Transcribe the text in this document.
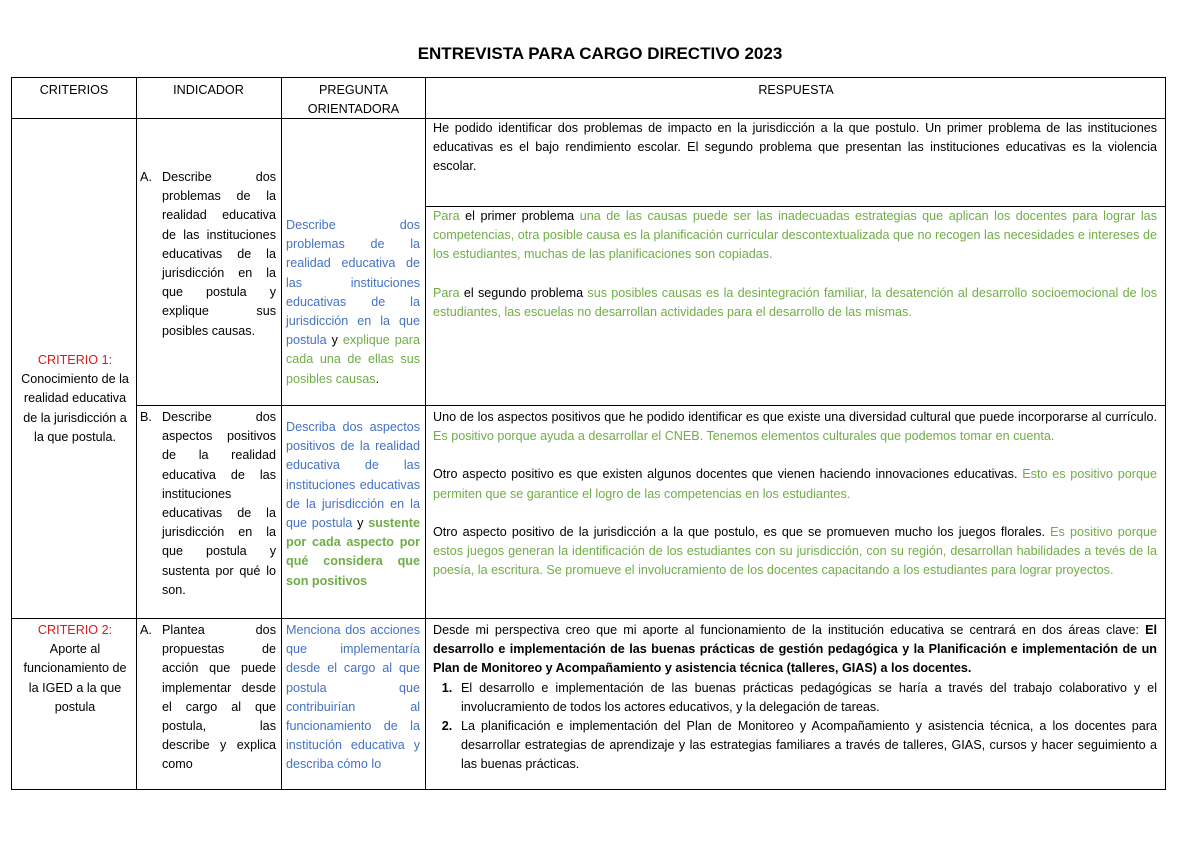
ENTREVISTA PARA CARGO DIRECTIVO 2023
CRITERIOS	INDICADOR	PREGUNTA ORIENTADORA
RESPUESTA
CRITERIO 1:
Conocimiento de la realidad educativa de la jurisdicción a la que postula.
A. Describe dos problemas de la realidad educativa de las instituciones educativas de la jurisdicción en la que postula y explique sus posibles causas.
Describe dos problemas de la realidad educativa de las instituciones educativas de la jurisdicción en la que postula y explique para cada una de ellas sus posibles causas.
He podido identificar dos problemas de impacto en la jurisdicción a la que postulo. Un primer problema de las instituciones educativas es el bajo rendimiento escolar. El segundo problema que presentan las instituciones educativas es la violencia escolar.

Para el primer problema una de las causas puede ser las inadecuadas estrategias que aplican los docentes para lograr las competencias, otra posible causa es la planificación curricular descontextualizada que no recogen las necesidades e intereses de los estudiantes, muchas de las planificaciones son copiadas.

Para el segundo problema sus posibles causas es la desintegración familiar, la desatención al desarrollo socioemocional de los estudiantes, las escuelas no desarrollan actividades para el desarrollo de las mismas.

B. Describe dos aspectos positivos de la realidad educativa de las instituciones educativas de la jurisdicción en la que postula y sustenta por qué lo son.
Describa dos aspectos positivos de la realidad educativa de las instituciones educativas de la jurisdicción en la que postula y sustente por cada aspecto por qué considera que son positivos

Uno de los aspectos positivos que he podido identificar es que existe una diversidad cultural que puede incorporarse al currículo. Es positivo porque ayuda a desarrollar el CNEB. Tenemos elementos culturales que podemos tomar en cuenta.

Otro aspecto positivo es que existen algunos docentes que vienen haciendo innovaciones educativas. Esto es positivo porque permiten que se garantice el logro de las competencias en los estudiantes.

Otro aspecto positivo de la jurisdicción a la que postulo, es que se promueven mucho los juegos florales. Es positivo porque estos juegos generan la identificación de los estudiantes con su jurisdicción, con su región, desarrollan habilidades a tevés de la poesía, la escritura. Se promueve el involucramiento de los docentes capacitando a los estudiantes para lograr proyectos.

CRITERIO 2:
Aporte al funcionamiento de la IGED a la que postula
A. Plantea dos propuestas de acción que puede implementar desde el cargo al que postula, las describe y explica como
Menciona dos acciones que implementaría desde el cargo al que postula que contribuirían al funcionamiento de la institución educativa y describa cómo lo

Desde mi perspectiva creo que mi aporte al funcionamiento de la institución educativa se centrará en dos áreas clave: El desarrollo e implementación de las buenas prácticas de gestión pedagógica y la Planificación e implementación de un Plan de Monitoreo y Acompañamiento y asistencia técnica (talleres, GIAS) a los docentes.

1. El desarrollo e implementación de las buenas prácticas pedagógicas se haría a través del trabajo colaborativo y el involucramiento de todos los actores educativos, y la delegación de tareas.
2. La planificación e implementación del Plan de Monitoreo y Acompañamiento y asistencia técnica, a los docentes para desarrollar estrategias de aprendizaje y las estrategias familiares a través de talleres, GIAS, cursos y hacer seguimiento a las buenas prácticas.
